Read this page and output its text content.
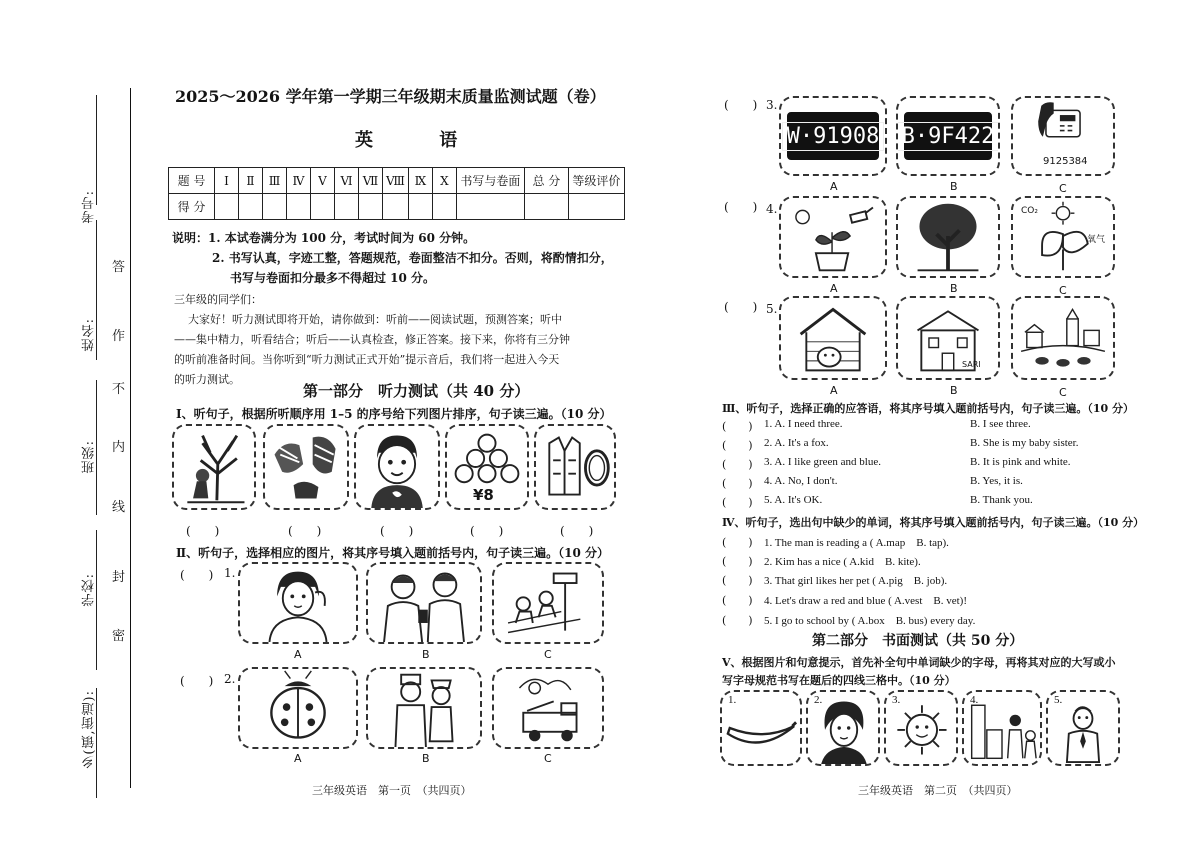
乡(镇,街道):
学校:
班级:
姓名:
考号:
答
作
不
内
线
封
密
2025～2026 学年第一学期三年级期末质量监测试题（卷）
英 语
题 号	Ⅰ	Ⅱ	Ⅲ	Ⅳ	Ⅴ	Ⅵ	Ⅶ	Ⅷ	Ⅸ	Ⅹ	书写与卷面	总 分	等级评价
得 分													
说明：1. 本试卷满分为 100 分，考试时间为 60 分钟。
2. 书写认真，字迹工整，答题规范，卷面整洁不扣分。否则，将酌情扣分，
书写与卷面扣分最多不得超过 10 分。
三年级的同学们：
大家好！听力测试即将开始，请你做到：听前——阅读试题，预测答案；听中
——集中精力，听看结合；听后——认真检查，修正答案。接下来，你将有三分钟
的听前准备时间。当你听到“听力测试正式开始”提示音后，我们将一起进入今天
的听力测试。
第一部分　听力测试（共 40 分）
Ⅰ、听句子，根据所听顺序用 1–5 的序号给下列图片排序，句子读三遍。（10 分）
¥8
(　　)	(　　)	(　　)	(　　)	(　　)
Ⅱ、听句子，选择相应的图片，将其序号填入题前括号内，句子读三遍。（10 分）
(　　) 1.
A	B	C
(　　) 2.
A	B	C
三年级英语　第一页　（共四页）
(　　) 3.
W·91908 B·9F422
9125384
A	B	C
(　　) 4.	CO₂
氧气
A	B	C
(　　) 5.
SARI
A	B	C
Ⅲ、听句子，选择正确的应答语，将其序号填入题前括号内，句子读三遍。（10 分）
(　　) 1. A. I need three.	B. I see three.
(　　) 2. A. It's a fox.	B. She is my baby sister.
(　　) 3. A. I like green and blue.	B. It is pink and white.
(　　) 4. A. No, I don't.	B. Yes, it is.
(　　) 5. A. It's OK.	B. Thank you.
Ⅳ、听句子，选出句中缺少的单词，将其序号填入题前括号内，句子读三遍。（10 分）
(　　) 1. The man is reading a ( A.map　B. tap).
(　　) 2. Kim has a nice ( A.kid　B. kite).
(　　) 3. That girl likes her pet ( A.pig　B. job).
(　　) 4. Let's draw a red and blue ( A.vest　B. vet)!
(　　) 5. I go to school by ( A.box　B. bus) every day.
第二部分　书面测试（共 50 分）
Ⅴ、根据图片和句意提示，首先补全句中单词缺少的字母，再将其对应的大写或小
写字母规范书写在题后的四线三格中。（10 分）
1.	2.	3.	4.	5.
三年级英语　第二页　（共四页）
